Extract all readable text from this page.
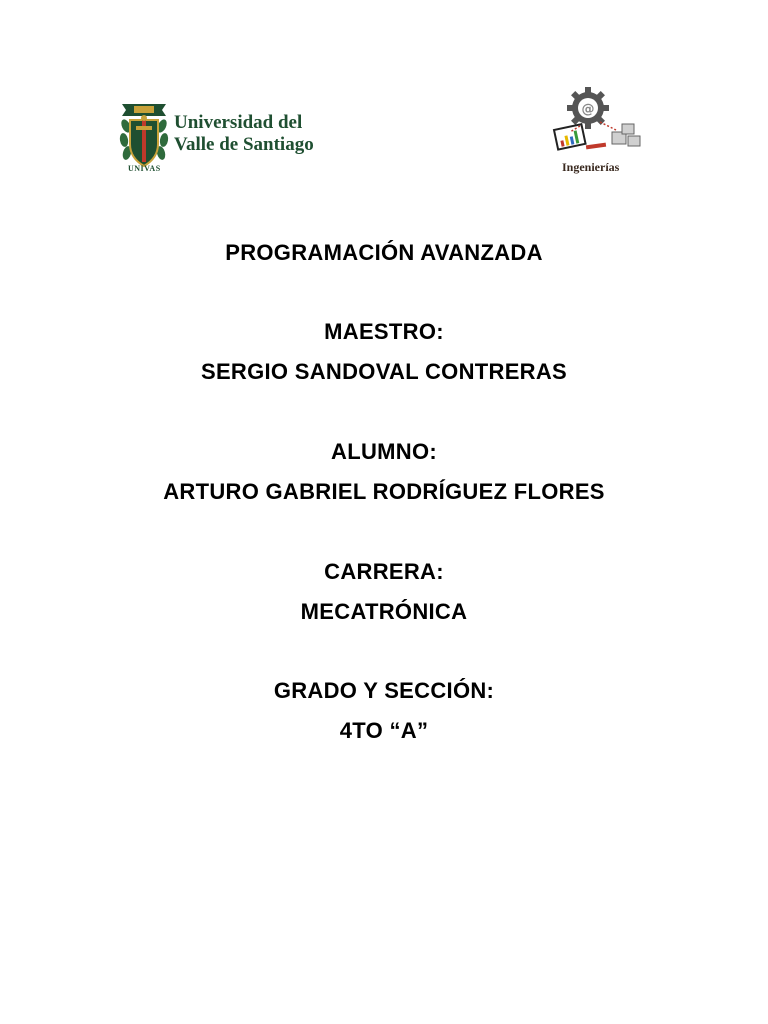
Universidad del
Valle de Santiago
UNIVAS
@
Ingenierías
PROGRAMACIÓN AVANZADA
MAESTRO:
SERGIO SANDOVAL CONTRERAS
ALUMNO:
ARTURO GABRIEL RODRÍGUEZ FLORES
CARRERA:
MECATRÓNICA
GRADO Y SECCIÓN:
4TO “A”
